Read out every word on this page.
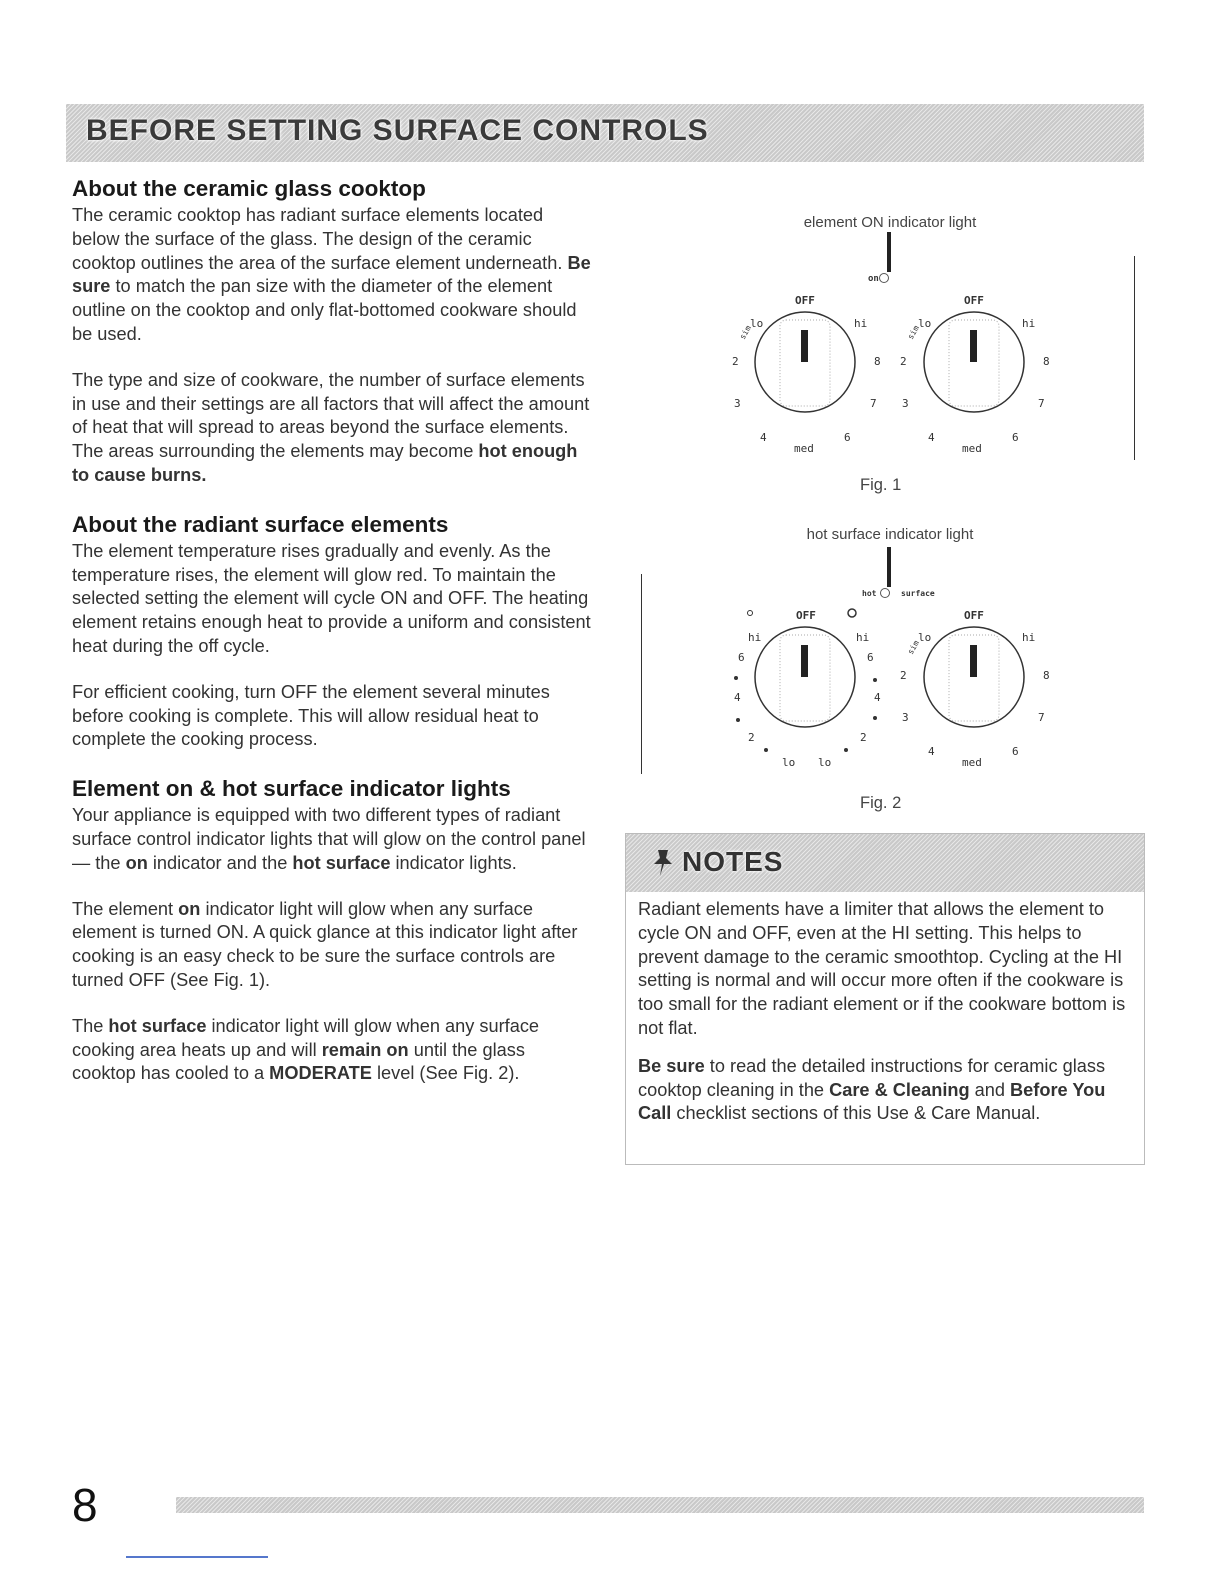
BEFORE SETTING SURFACE CONTROLS
About the ceramic glass cooktop

The ceramic cooktop has radiant surface elements located below the surface of the glass. The design of the ceramic cooktop outlines the area of the surface element underneath. Be sure to match the pan size with the diameter of the element outline on the cooktop and only flat-bottomed cookware should be used.

The type and size of cookware, the number of surface elements in use and their settings are all factors that will affect the amount of heat that will spread to areas beyond the surface elements. The areas surrounding the elements may become hot enough to cause burns.

About the radiant surface elements

The element temperature rises gradually and evenly. As the temperature rises, the element will glow red. To maintain the selected setting the element will cycle ON and OFF. The heating element retains enough heat to provide a uniform and consistent heat during the off cycle.

For efficient cooking, turn OFF the element several minutes before cooking is complete. This will allow residual heat to complete the cooking process.

Element on & hot surface indicator lights

Your appliance is equipped with two different types of radiant surface control indicator lights that will glow on the control panel — the on indicator and the hot surface indicator lights.

The element on indicator light will glow when any surface element is turned ON. A quick glance at this indicator light after cooking is an easy check to be sure the surface controls are turned OFF (See Fig. 1).

The hot surface indicator light will glow when any surface cooking area heats up and will remain on until the glass cooktop has cooled to a MODERATE level (See Fig. 2).

element ON indicator light
on
OFF
lo
sim
hi
2	8
3	7
4	6
med
OFF
lo
sim
hi
2	8
3	7
4	6
med
Fig. 1
hot surface indicator light
hot	surface
OFF
hi	hi
6	6
4	4
2	2
lo lo
OFF
lo
sim
hi
2	8
3	7
4	6
med
Fig. 2
NOTES

Radiant elements have a limiter that allows the element to cycle ON and OFF, even at the HI setting. This helps to prevent damage to the ceramic smoothtop. Cycling at the HI setting is normal and will occur more often if the cookware is too small for the radiant element or if the cookware bottom is not flat.

Be sure to read the detailed instructions for ceramic glass cooktop cleaning in the Care & Cleaning and Before You Call checklist sections of this Use & Care Manual.

8
